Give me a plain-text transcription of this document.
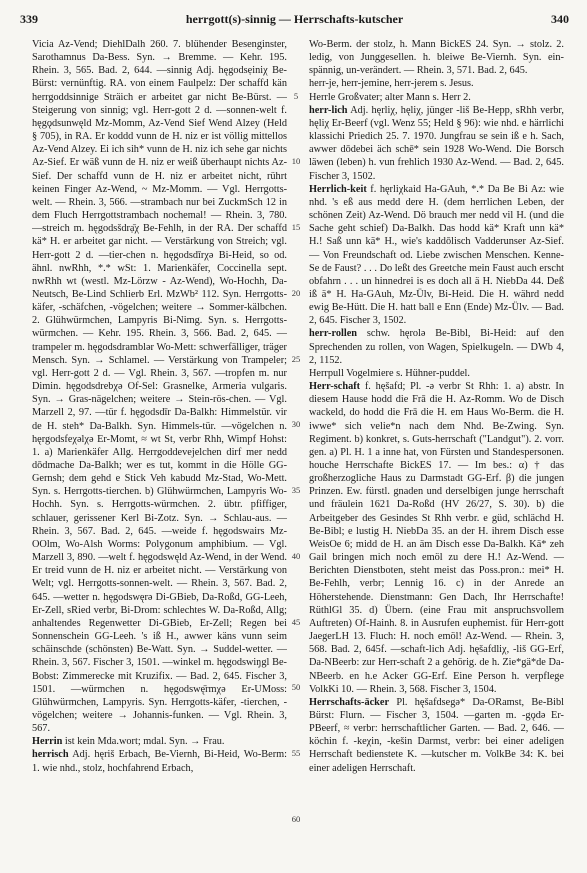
339	herrgott(s)-sinnig — Herrschafts-kutscher	340

Vicia Az-Vend; DiehlDalh 260. 7. blühender Besenginster, Sarothamnus Da-Bess. Syn. → Bremme. — Kehr. 195. Rhein. 3, 565. Bad. 2, 644. —sinnig Adj. hęgodsẹiniχ Be-Bürst: vernünftig. RA. von einem Faulpelz: Der schaffd kän herrgoddsinnige Sträich er arbeitet gar nicht Be-Bürst. — Steigerung von sinnig; vgl. Herr-gott 2 d. —sonnen-welt f. hęgǫdsunwęld Mz-Momm, Az-Vend Sief Wend Alzey (Held § 705), in RA. Er koddd vunn de H. niz er ist völlig mittellos Az-Vend Alzey. Ei ich sih* vunn de H. niz ich sehe gar nichts Az-Sief. Er wäß vunn de H. niz er weiß überhaupt nichts Az-Sief. Der schaffd vunn de H. niz er arbeitet nicht, rührt keinen Finger Az-Wend, ~ Mz-Momm. — Vgl. Herrgotts-welt. — Rhein. 3, 566. —strambach nur bei ZuckmSch 12 in dem Fluch Herrgottstrambach nochemal! — Rhein. 3, 780. —streich m. hęgodsšdrạ̄χ Be-Fehlh, in der RA. Der schaffd kä* H. er arbeitet gar nicht. — Verstärkung von Streich; vgl. Herr-gott 2 d. —tier-chen n. hęgodsdīrχə Bi-Heid, so od. ähnl. nwRhh, *.* wSt: 1. Marienkäfer, Coccinella sept. nwRhh wt (westl. Mz-Lörzw - Az-Wend), Wo-Hochh, Da-Neutsch, Be-Lind Schlierb Erl. MzWb² 112. Syn. Herrgotts-käfer, -schäfchen, -vögelchen; weitere → Sommer-kälbchen. 2. Glühwürmchen, Lampyris Bi-Nimg. Syn. s. Herrgotts-würmchen. — Kehr. 195. Rhein. 3, 566. Bad. 2, 645. —trampeler m. hęgodsdramblǝr Wo-Mett: schwerfälliger, träger Mensch. Syn. → Schlamel. — Verstärkung von Trampeler; vgl. Herr-gott 2 d. — Vgl. Rhein. 3, 567. —tropfen m. nur Dimin. hęgodsdrebχə Of-Sel: Grasnelke, Armeria vulgaris. Syn. → Gras-nägelchen; weitere → Stein-rös-chen. — Vgl. Marzell 2, 97. —tür f. hęgodsdīr Da-Balkh: Himmelstür. vir de H. steh* Da-Balkh. Syn. Himmels-tür. —vögelchen n. hęrgodsfeχəlχə Er-Momt, ≈ wt St, verbr Rhh, Wimpf Hohst: 1. a) Marienkäfer Allg. Herrgoddevejelchen dirf mer nedd dōdmache Da-Balkh; wer es tut, kommt in die Hölle GG-Gernsh; dem gehd e Stick Veh kabudd Mz-Stad, Wo-Mett. Syn. s. Herrgotts-tierchen. b) Glühwürmchen, Lampyris Wo-Hochh. Syn. s. Herrgotts-würmchen. 2. übtr. pfiffiger, schlauer, gerissener Kerl Bi-Zotz. Syn. → Schlau-aus. — Rhein. 3, 567. Bad. 2, 645. —weide f. hęgodswairs Mz-OOlm, Wo-Alsh Worms: Polygonum amphibium. — Vgl. Marzell 3, 890. —welt f. hęgodswęld Az-Wend, in der Wend. Er treid vunn de H. niz er arbeitet nicht. — Verstärkung von Welt; vgl. Herrgotts-sonnen-welt. — Rhein. 3, 567. Bad. 2, 645. —wetter n. hęgodswęrǝ Di-GBieb, Da-Roßd, GG-Leeh, Er-Zell, sRied verbr, Bi-Drom: schlechtes W. Da-Roßd, Allg; anhaltendes Regenwetter Di-GBieb, Er-Zell; Regen bei Sonnenschein GG-Leeh. 's iß H., awwer käns vunn seim schäinschde (schönsten) Be-Watt. Syn. → Suddel-wetter. — Rhein. 3, 567. Fischer 3, 1501. —winkel m. hęgodswiŋgl Be-Bobst: Zimmerecke mit Kruzifix. — Bad. 2, 645. Fischer 3, 1501. —würmchen n. hęgodswę̄rmχə Er-UMoss: Glühwürmchen, Lampyris. Syn. Herrgotts-käfer, -tierchen, -vögelchen; weitere → Johannis-funken. — Vgl. Rhein. 3, 567.

Herrin ist kein Mda.wort; mdal. Syn. → Frau.

herrisch Adj. hęriš Erbach, Be-Viernh, Bi-Heid, Wo-Berm: 1. wie nhd., stolz, hochfahrend Erbach,

5
10
15
20
25
30
35
40
45
50
55
60

Wo-Berm. der stolz, h. Mann BickES 24. Syn. → stolz. 2. ledig, von Junggesellen. h. bleiwe Be-Viernh. Syn. ein-spännig, un-verändert. — Rhein. 3, 571. Bad. 2, 645.

herr-je, herr-jemine, herr-jerem s. Jesus.

Herrle Großvater; alter Mann s. Herr 2.

herr-lich Adj. hęrliχ, hęliχ, jünger -liš Be-Hepp, sRhh verbr, hęliχ Er-Beerf (vgl. Wenz 55; Held § 96): wie nhd. e härrlichi klassichi Priedich 25. 7. 1970. Jungfrau se sein iß e h. Sach, awwer dōdebei äch schē* sein 1928 Wo-Wend. Die Borsch läwen (leben) h. vun frehlich 1930 Az-Wend. — Bad. 2, 645. Fischer 3, 1502.

Herrlich-keit f. hęrliχkaid Ha-GAuh, *.* Da Be Bi Az: wie nhd. 's eß aus medd dere H. (dem herrlichen Leben, der schönen Zeit) Az-Wend. Dö brauch mer nedd vil H. (und die Sache geht schief) Da-Balkh. Das hodd kä* Kraft unn kä* H.! Saß unn kä* H., wie's kaddōlisch Vadderunser Az-Sief. — Von Freundschaft od. Liebe zwischen Menschen. Kenne-Se de Faust? . . . Do leßt des Greetche mein Faust auch erscht obfahrn . . . un hinnedrei is es doch all ä H. NiebDa 44. Deß iß ä* H. Ha-GAuh, Mz-Ülv, Bi-Heid. Die H. währd nedd ewig Be-Hütt. Die H. hatt ball e Enn (Ende) Mz-Ülv. — Bad. 2, 645. Fischer 3, 1502.

herr-rollen schw. hęrolə Be-Bibl, Bi-Heid: auf den Sprechenden zu rollen, von Wagen, Spielkugeln. — DWb 4, 2, 1152.

Herrpull Vogelmiere s. Hühner-puddel.

Herr-schaft f. hęšafd; Pl. -ə verbr St Rhh: 1. a) abstr. In diesem Hause hodd die Frā die H. Az-Romm. Wo de Disch wackeld, do hodd die Frā die H. em Haus Wo-Berm. die H. iwwe* sich velie*n nach dem Nhd. Be-Zwing. Syn. Regiment. b) konkret, s. Guts-herrschaft ("Landgut"). 2. vorr. gen. a) Pl. H. 1 a inne hat, von Fürsten und Standespersonen. houche Herrschafte BickES 17. — Im bes.: α) † das großherzogliche Haus zu Darmstadt GG-Erf. β) die jungen Prinzen. Ew. fürstl. gnaden und derselbigen junge herrschaft und fräulein 1621 Da-Roßd (HV 26/27, S. 30). b) die Arbeitgeber des Gesindes St Rhh verbr. e güd, schlächd H. Be-Bibl; e lustig H. NiebDa 35. an der H. ihrem Disch esse WeisOe 6; midd de H. an äm Disch esse Da-Balkh. Kä* zeh Gail bringen mich noch emöl zu dere H.! Az-Wend. — Berichten Dienstboten, steht meist das Poss.pron.: mei* H. Be-Fehlh, verbr; Lennig 16. c) in der Anrede an Höherstehende. Dienstmann: Gen Dach, Ihr Herrschafte! RüthlGl 35. d) Übern. (eine Frau mit anspruchsvollem Auftreten) Of-Hainh. 8. in Ausrufen euphemist. für Herr-gott JaegerLH 13. Fluch: H. noch emöl! Az-Wend. — Rhein. 3, 568. Bad. 2, 645f. —schaft-lich Adj. hęšafdliχ, -liš GG-Erf, Da-NBeerb: zur Herr-schaft 2 a gehörig. de h. Zie*gä*de Da-NBeerb. en h.e Acker GG-Erf. Eine Person h. verpflege VolkKi 10. — Rhein. 3, 568. Fischer 3, 1504.

Herrschafts-äcker Pl. hęšafdsegə* Da-ORamst, Be-Bibl Bürst: Flurn. — Fischer 3, 1504. —garten m. -gǫdə Er-PBeerf, ≈ verbr: herrschaftlicher Garten. — Bad. 2, 646. —köchin f. -keχin, -kešin Darmst, verbr: bei einer adeligen Herrschaft bedienstete K. —kutscher m. VolkBe 34: K. bei einer adeligen Herrschaft.
